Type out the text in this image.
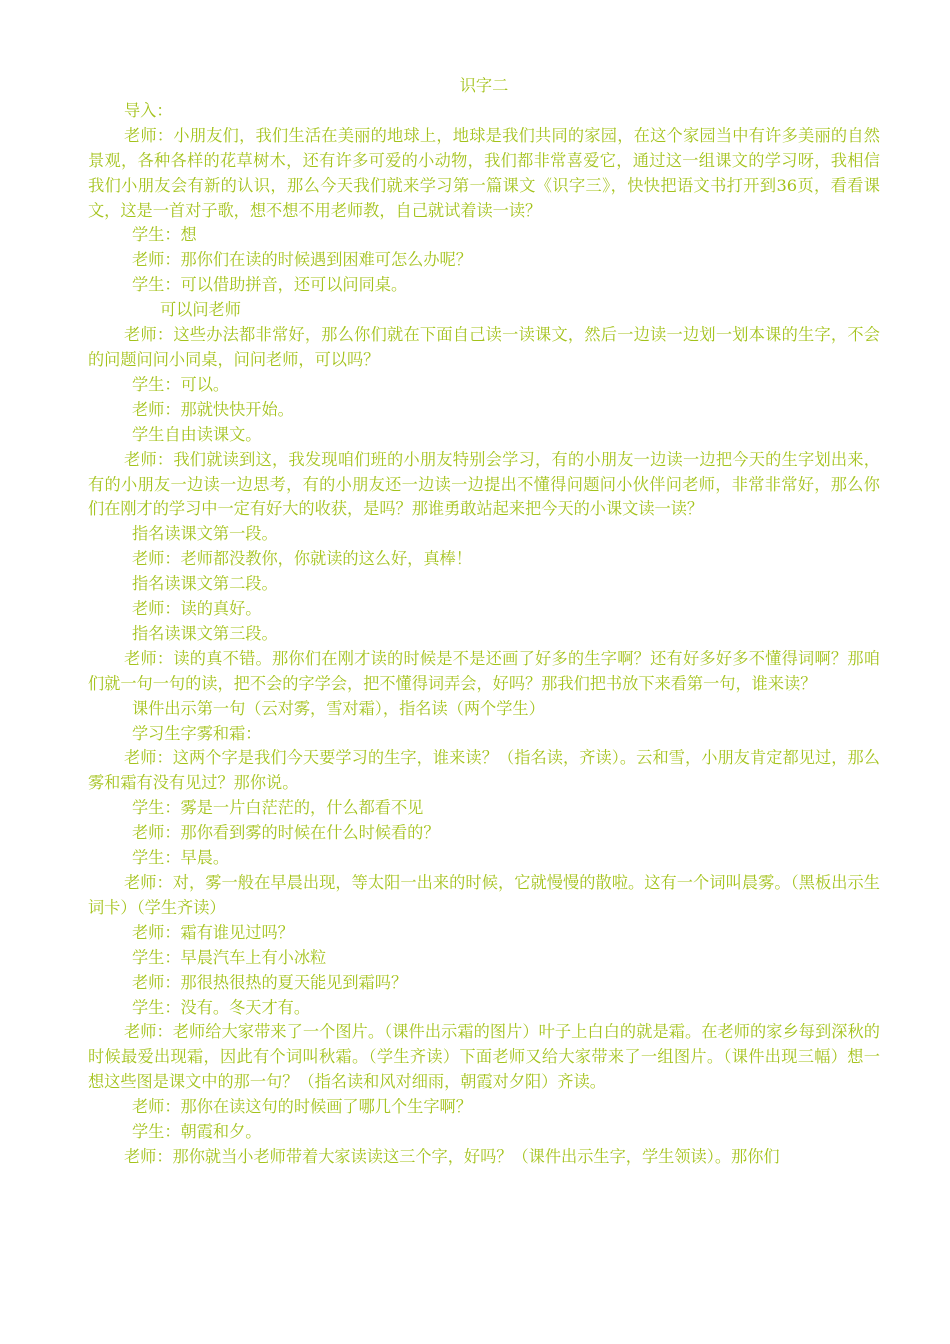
识字二

导入：

老师：小朋友们，我们生活在美丽的地球上，地球是我们共同的家园，在这个家园当中有许多美丽的自然景观，各种各样的花草树木，还有许多可爱的小动物，我们都非常喜爱它，通过这一组课文的学习呀，我相信我们小朋友会有新的认识，那么今天我们就来学习第一篇课文《识字三》，快快把语文书打开到36页，看看课文，这是一首对子歌，想不想不用老师教，自己就试着读一读？

学生：想

老师：那你们在读的时候遇到困难可怎么办呢？

学生：可以借助拼音，还可以问同桌。

可以问老师

老师：这些办法都非常好，那么你们就在下面自己读一读课文，然后一边读一边划一划本课的生字，不会的问题问问小同桌，问问老师，可以吗？

学生：可以。

老师：那就快快开始。

学生自由读课文。

老师：我们就读到这，我发现咱们班的小朋友特别会学习，有的小朋友一边读一边把今天的生字划出来，有的小朋友一边读一边思考，有的小朋友还一边读一边提出不懂得问题问小伙伴问老师，非常非常好，那么你们在刚才的学习中一定有好大的收获，是吗？那谁勇敢站起来把今天的小课文读一读？

指名读课文第一段。

老师：老师都没教你，你就读的这么好，真棒！

指名读课文第二段。

老师：读的真好。

指名读课文第三段。

老师：读的真不错。那你们在刚才读的时候是不是还画了好多的生字啊？还有好多好多不懂得词啊？那咱们就一句一句的读，把不会的字学会，把不懂得词弄会，好吗？那我们把书放下来看第一句，谁来读？

课件出示第一句（云对雾，雪对霜），指名读（两个学生）

学习生字雾和霜：

老师：这两个字是我们今天要学习的生字，谁来读？（指名读，齐读）。云和雪，小朋友肯定都见过，那么雾和霜有没有见过？那你说。

学生：雾是一片白茫茫的，什么都看不见

老师：那你看到雾的时候在什么时候看的？

学生：早晨。

老师：对，雾一般在早晨出现，等太阳一出来的时候，它就慢慢的散啦。这有一个词叫晨雾。（黑板出示生词卡）（学生齐读）

老师：霜有谁见过吗？

学生：早晨汽车上有小冰粒

老师：那很热很热的夏天能见到霜吗？

学生：没有。冬天才有。

老师：老师给大家带来了一个图片。（课件出示霜的图片）叶子上白白的就是霜。在老师的家乡每到深秋的时候最爱出现霜，因此有个词叫秋霜。（学生齐读）下面老师又给大家带来了一组图片。（课件出现三幅）想一想这些图是课文中的那一句？（指名读和风对细雨，朝霞对夕阳）齐读。

老师：那你在读这句的时候画了哪几个生字啊？

学生：朝霞和夕。

老师：那你就当小老师带着大家读读这三个字，好吗？（课件出示生字，学生领读）。那你们
